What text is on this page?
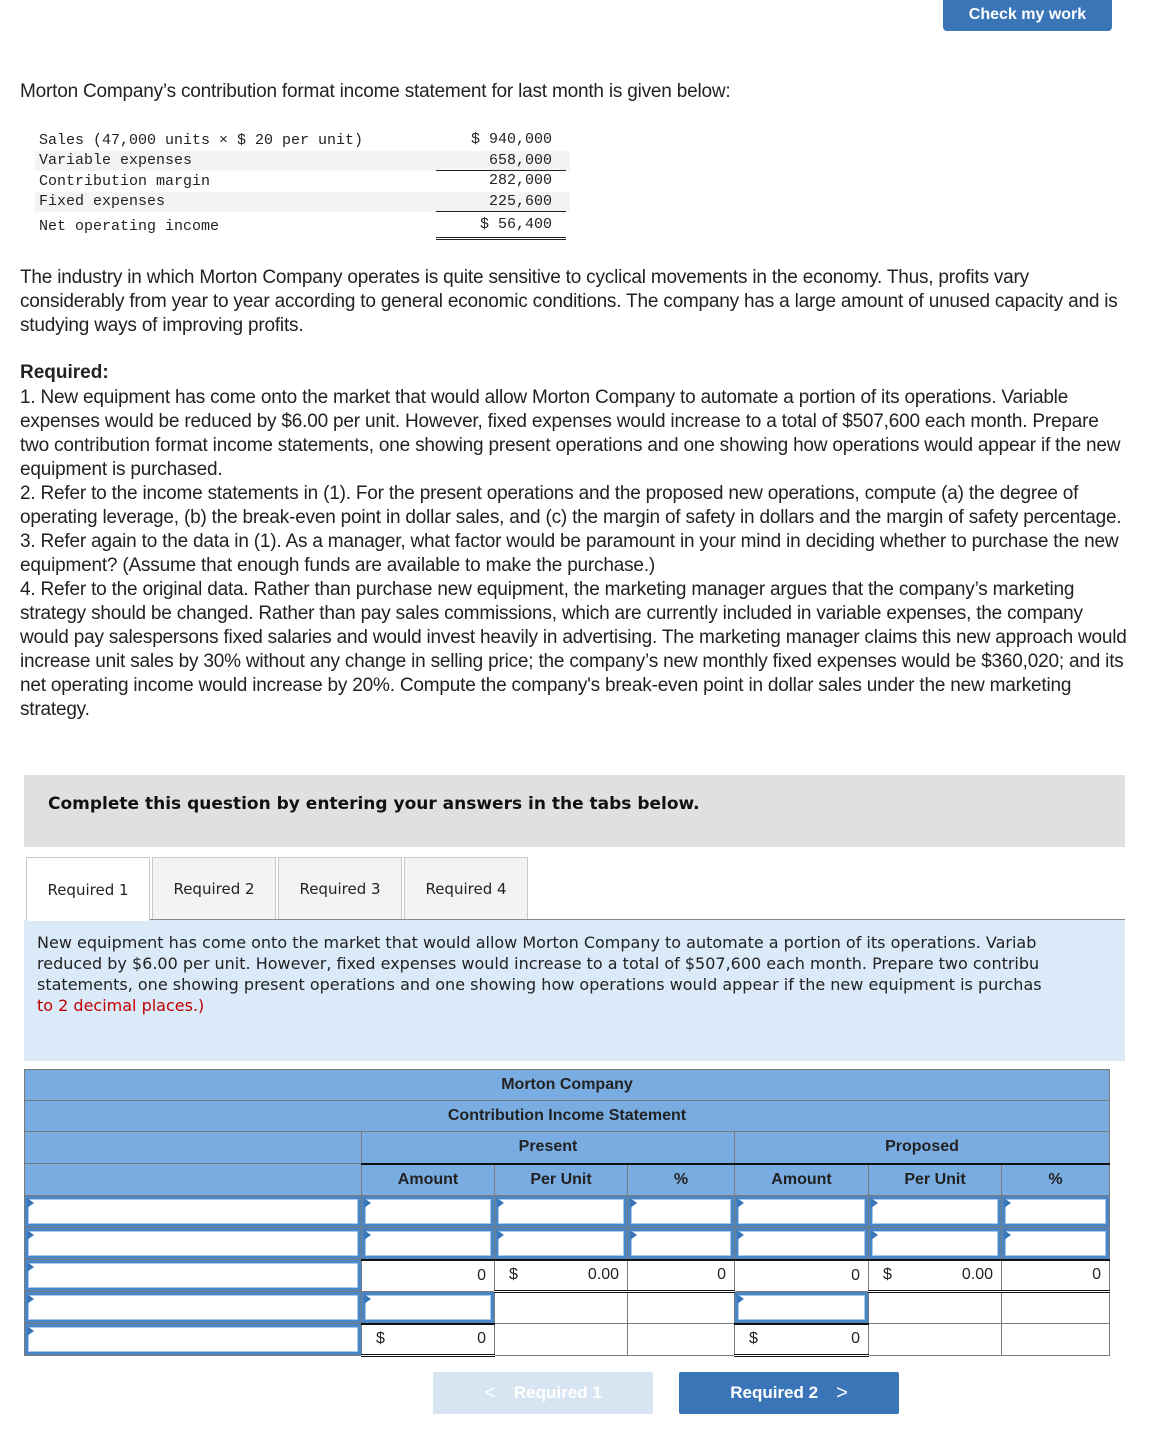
Check my work
Morton Company’s contribution format income statement for last month is given below:
Sales (47,000 units × $ 20 per unit)	$ 940,000
Variable expenses	658,000
Contribution margin	282,000
Fixed expenses	225,600
Net operating income	$ 56,400
The industry in which Morton Company operates is quite sensitive to cyclical movements in the economy. Thus, profits vary considerably from year to year according to general economic conditions. The company has a large amount of unused capacity and is studying ways of improving profits.
Required:
1. New equipment has come onto the market that would allow Morton Company to automate a portion of its operations. Variable expenses would be reduced by $6.00 per unit. However, fixed expenses would increase to a total of $507,600 each month. Prepare two contribution format income statements, one showing present operations and one showing how operations would appear if the new equipment is purchased.
2. Refer to the income statements in (1). For the present operations and the proposed new operations, compute (a) the degree of operating leverage, (b) the break-even point in dollar sales, and (c) the margin of safety in dollars and the margin of safety percentage.
3. Refer again to the data in (1). As a manager, what factor would be paramount in your mind in deciding whether to purchase the new equipment? (Assume that enough funds are available to make the purchase.)
4. Refer to the original data. Rather than purchase new equipment, the marketing manager argues that the company’s marketing strategy should be changed. Rather than pay sales commissions, which are currently included in variable expenses, the company would pay salespersons fixed salaries and would invest heavily in advertising. The marketing manager claims this new approach would increase unit sales by 30% without any change in selling price; the company’s new monthly fixed expenses would be $360,020; and its net operating income would increase by 20%. Compute the company's break-even point in dollar sales under the new marketing strategy.
Complete this question by entering your answers in the tabs below.
Required 1	Required 2	Required 3	Required 4
New equipment has come onto the market that would allow Morton Company to automate a portion of its operations. Variab
reduced by $6.00 per unit. However, fixed expenses would increase to a total of $507,600 each month. Prepare two contribu
statements, one showing present operations and one showing how operations would appear if the new equipment is purchas
to 2 decimal places.)
Morton Company						
Contribution Income Statement						
	Present			Proposed		
	Amount	Per Unit	%	Amount	Per Unit	%

	0	$ 0.00	0	0	$ 0.00	0

	$ 0			$ 0		

< Required 1	Required 2 >
